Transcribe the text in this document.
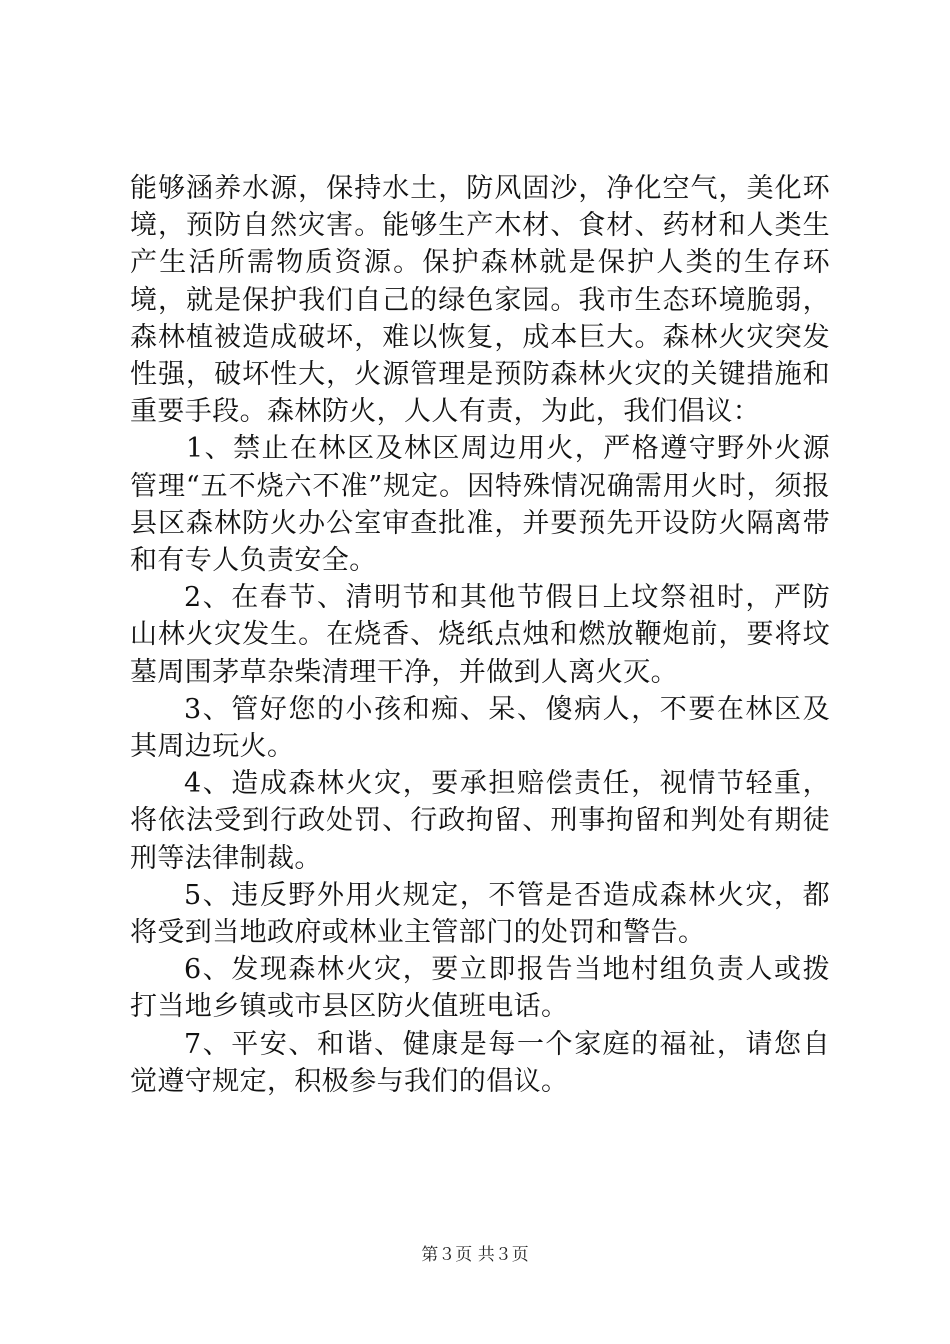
能够涵养水源，保持水土，防风固沙，净化空气，美化环境，预防自然灾害。能够生产木材、食材、药材和人类生产生活所需物质资源。保护森林就是保护人类的生存环境，就是保护我们自己的绿色家园。我市生态环境脆弱，森林植被造成破坏，难以恢复，成本巨大。森林火灾突发性强，破坏性大，火源管理是预防森林火灾的关键措施和重要手段。森林防火，人人有责，为此，我们倡议：

1、禁止在林区及林区周边用火，严格遵守野外火源管理“五不烧六不准”规定。因特殊情况确需用火时，须报县区森林防火办公室审查批准，并要预先开设防火隔离带和有专人负责安全。

2、在春节、清明节和其他节假日上坟祭祖时，严防山林火灾发生。在烧香、烧纸点烛和燃放鞭炮前，要将坟墓周围茅草杂柴清理干净，并做到人离火灭。

3、管好您的小孩和痴、呆、傻病人，不要在林区及其周边玩火。

4、造成森林火灾，要承担赔偿责任，视情节轻重，将依法受到行政处罚、行政拘留、刑事拘留和判处有期徒刑等法律制裁。

5、违反野外用火规定，不管是否造成森林火灾，都将受到当地政府或林业主管部门的处罚和警告。

6、发现森林火灾，要立即报告当地村组负责人或拨打当地乡镇或市县区防火值班电话。

7、平安、和谐、健康是每一个家庭的福祉，请您自觉遵守规定，积极参与我们的倡议。

第３页 共３页
